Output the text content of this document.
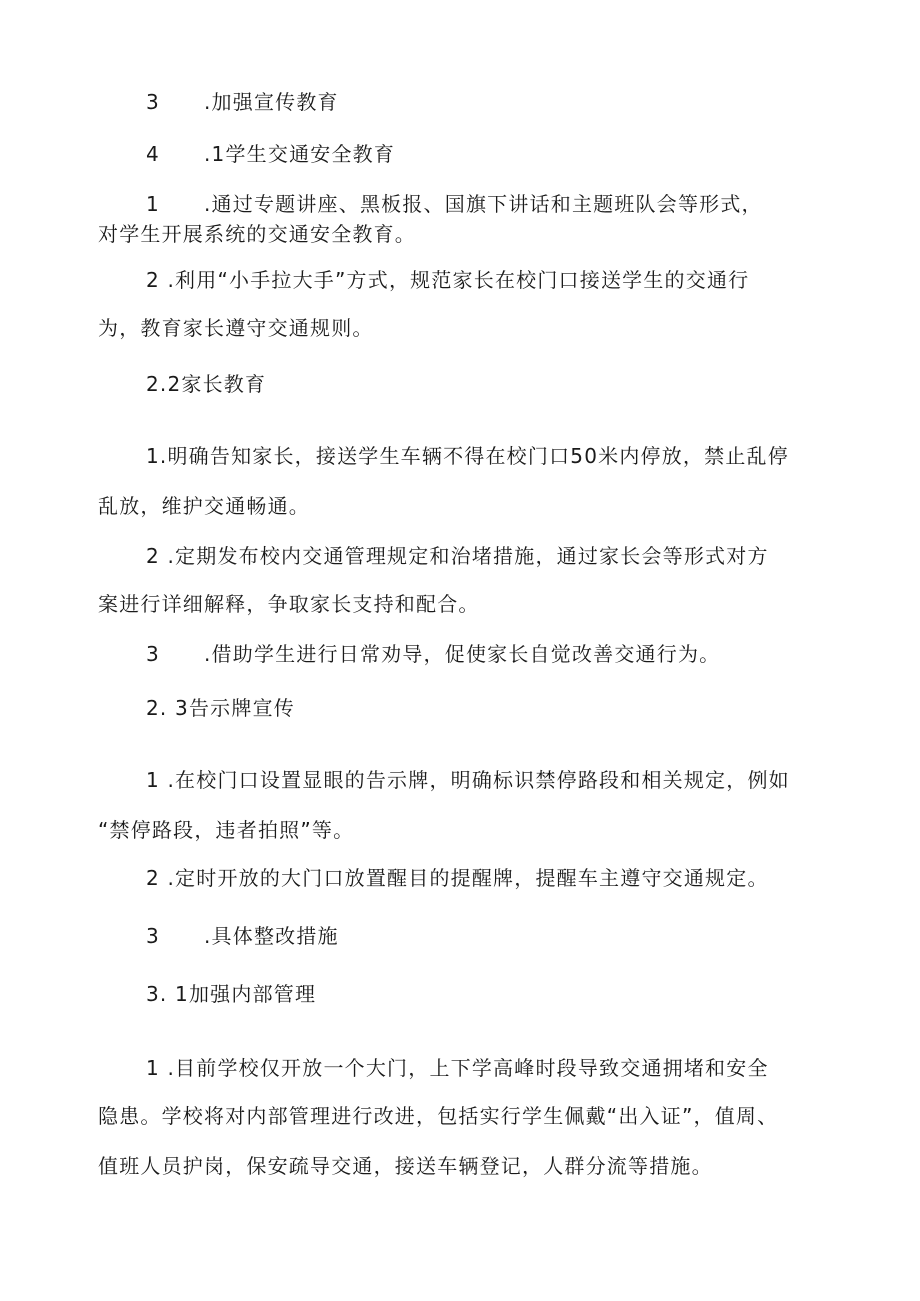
3 .加强宣传教育
4 .1学生交通安全教育
1 .通过专题讲座、黑板报、国旗下讲话和主题班队会等形式，
对学生开展系统的交通安全教育。
2 .利用“小手拉大手”方式，规范家长在校门口接送学生的交通行
为，教育家长遵守交通规则。
2.2家长教育
1.明确告知家长，接送学生车辆不得在校门口50米内停放，禁止乱停
乱放，维护交通畅通。
2 .定期发布校内交通管理规定和治堵措施，通过家长会等形式对方
案进行详细解释，争取家长支持和配合。
3 .借助学生进行日常劝导，促使家长自觉改善交通行为。
2. 3告示牌宣传
1 .在校门口设置显眼的告示牌，明确标识禁停路段和相关规定，例如
“禁停路段，违者拍照”等。
2 .定时开放的大门口放置醒目的提醒牌，提醒车主遵守交通规定。
3 .具体整改措施
3. 1加强内部管理
1 .目前学校仅开放一个大门，上下学高峰时段导致交通拥堵和安全
隐患。学校将对内部管理进行改进，包括实行学生佩戴“出入证”，值周、
值班人员护岗，保安疏导交通，接送车辆登记，人群分流等措施。
